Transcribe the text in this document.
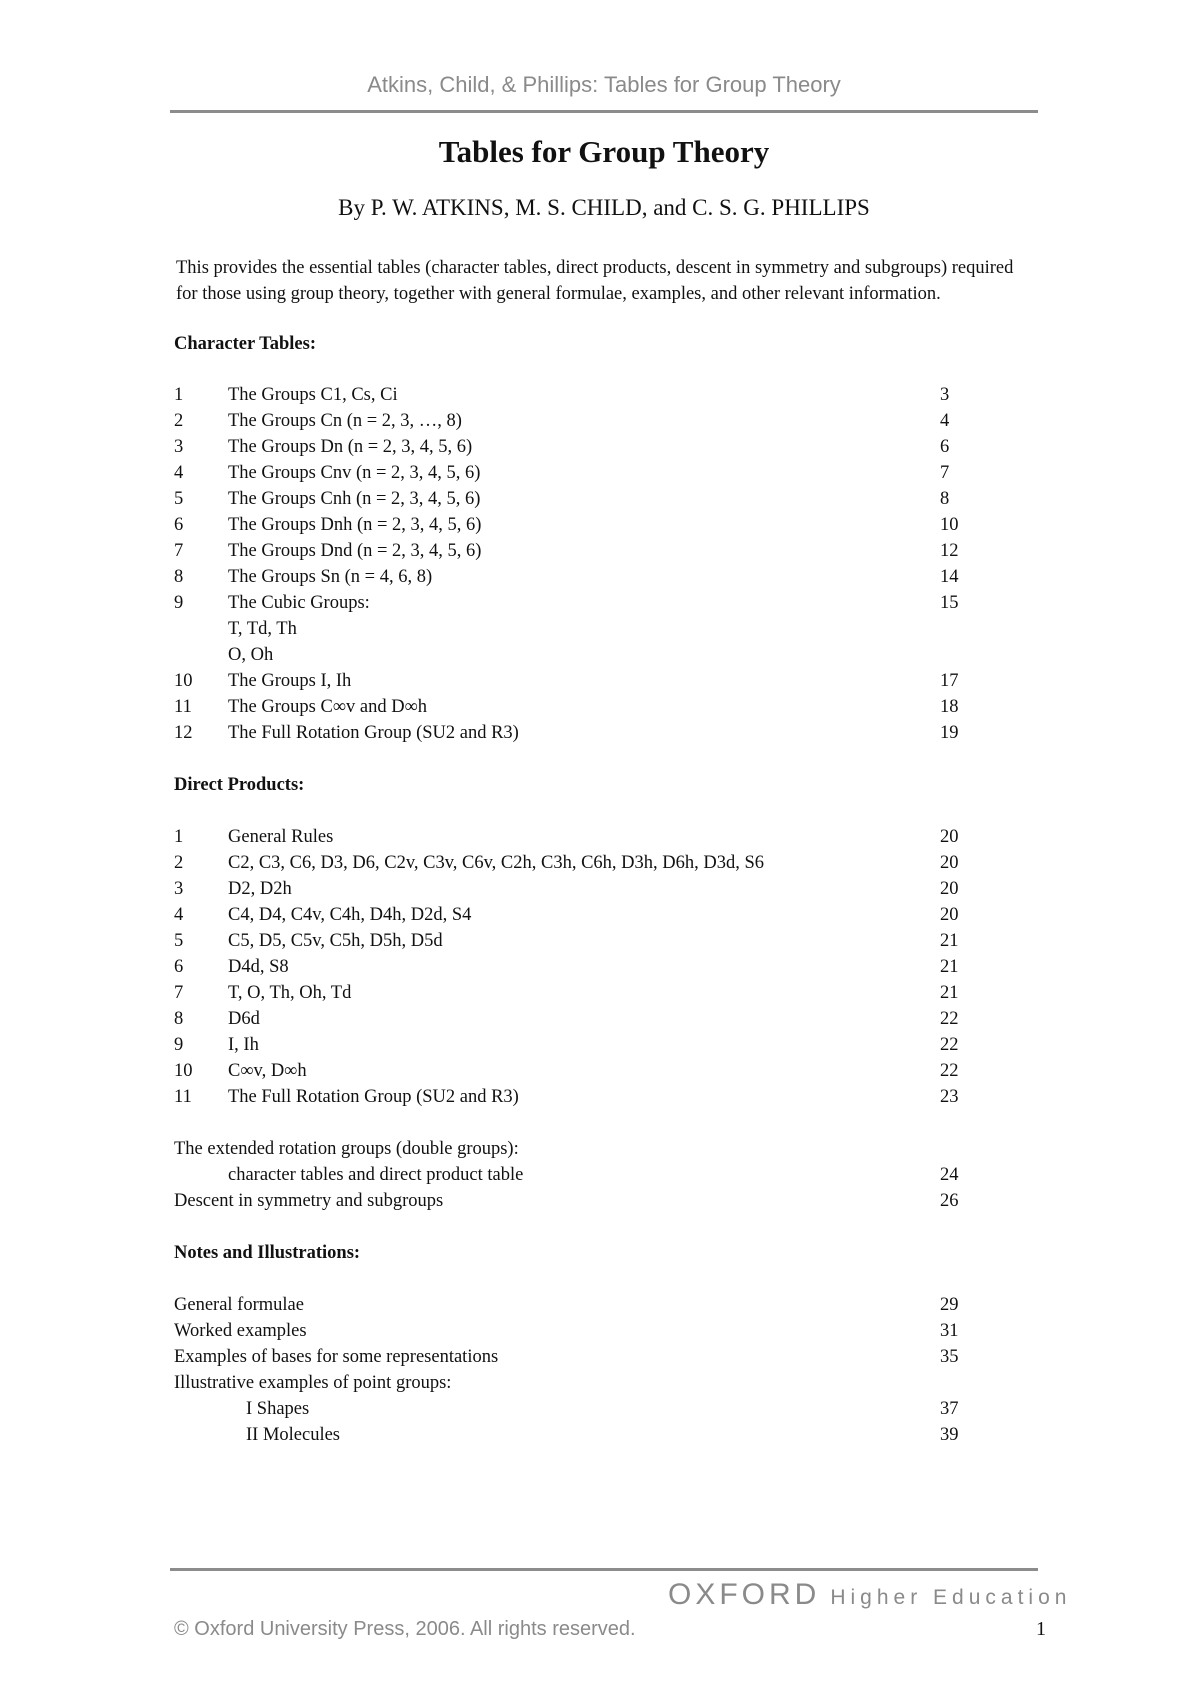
Atkins, Child, & Phillips: Tables for Group Theory
Tables for Group Theory
By P. W. ATKINS, M. S. CHILD, and C. S. G. PHILLIPS
This provides the essential tables (character tables, direct products, descent in symmetry and subgroups) required for those using group theory, together with general formulae, examples, and other relevant information.
Character Tables:
1 The Groups C1, Cs, Ci	3
2 The Groups Cn (n = 2, 3, …, 8)	4
3 The Groups Dn (n = 2, 3, 4, 5, 6)	6
4 The Groups Cnv (n = 2, 3, 4, 5, 6)	7
5 The Groups Cnh (n = 2, 3, 4, 5, 6)	8
6 The Groups Dnh (n = 2, 3, 4, 5, 6)	10
7 The Groups Dnd (n = 2, 3, 4, 5, 6)	12
8 The Groups Sn (n = 4, 6, 8)	14
9 The Cubic Groups:	15
T, Td, Th
O, Oh
10 The Groups I, Ih	17
11 The Groups C∞v and D∞h	18
12 The Full Rotation Group (SU2 and R3)	19
Direct Products:
1 General Rules	20
2 C2, C3, C6, D3, D6, C2v, C3v, C6v, C2h, C3h, C6h, D3h, D6h, D3d, S6	20
3 D2, D2h	20
4 C4, D4, C4v, C4h, D4h, D2d, S4	20
5 C5, D5, C5v, C5h, D5h, D5d	21
6 D4d, S8	21
7 T, O, Th, Oh, Td	21
8 D6d	22
9 I, Ih	22
10 C∞v, D∞h	22
11 The Full Rotation Group (SU2 and R3)	23
The extended rotation groups (double groups):
character tables and direct product table	24
Descent in symmetry and subgroups	26
Notes and Illustrations:
General formulae	29
Worked examples	31
Examples of bases for some representations	35
Illustrative examples of point groups:
I Shapes	37
II Molecules	39
OXFORD Higher Education
© Oxford University Press, 2006. All rights reserved.	1
